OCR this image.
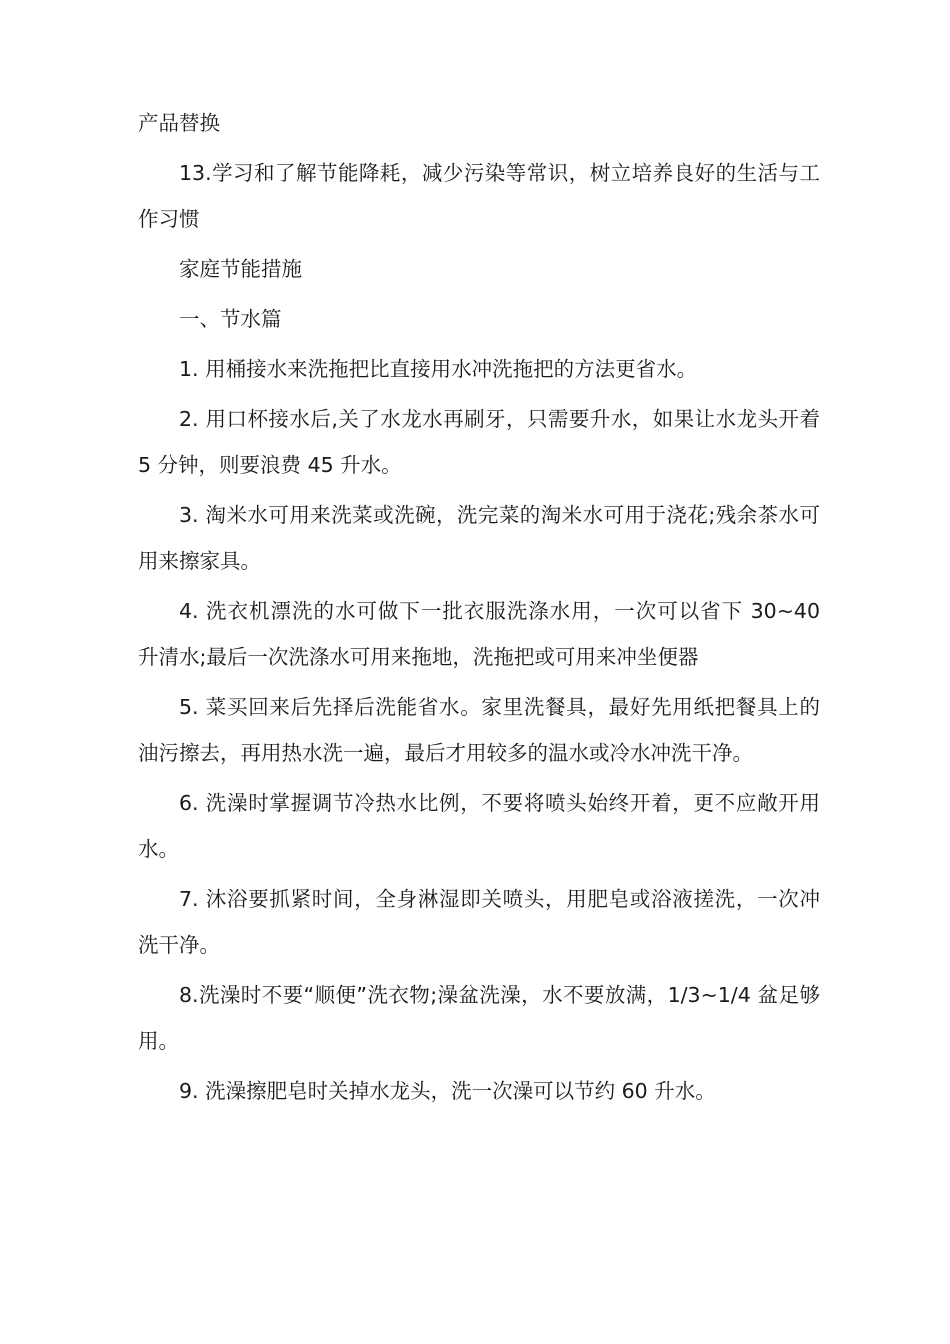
产品替换

13.学习和了解节能降耗，减少污染等常识，树立培养良好的生活与工作习惯

家庭节能措施

一、节水篇

1. 用桶接水来洗拖把比直接用水冲洗拖把的方法更省水。

2. 用口杯接水后,关了水龙水再刷牙，只需要升水，如果让水龙头开着 5 分钟，则要浪费 45 升水。

3. 淘米水可用来洗菜或洗碗，洗完菜的淘米水可用于浇花;残余茶水可用来擦家具。

4. 洗衣机漂洗的水可做下一批衣服洗涤水用，一次可以省下 30~40 升清水;最后一次洗涤水可用来拖地，洗拖把或可用来冲坐便器

5. 菜买回来后先择后洗能省水。家里洗餐具，最好先用纸把餐具上的油污擦去，再用热水洗一遍，最后才用较多的温水或冷水冲洗干净。

6. 洗澡时掌握调节冷热水比例，不要将喷头始终开着，更不应敞开用水。

7. 沐浴要抓紧时间，全身淋湿即关喷头，用肥皂或浴液搓洗，一次冲洗干净。

8.洗澡时不要“顺便”洗衣物;澡盆洗澡，水不要放满，1/3~1/4 盆足够用。

9. 洗澡擦肥皂时关掉水龙头，洗一次澡可以节约 60 升水。
